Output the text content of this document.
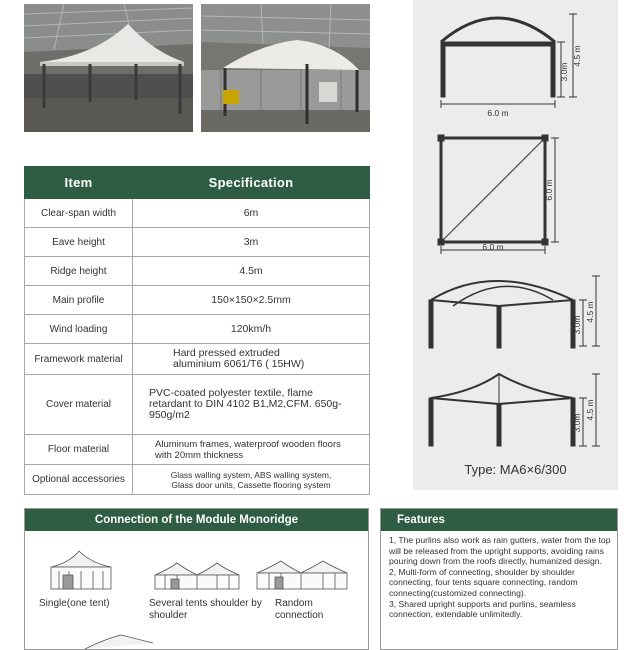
Item	Specification
Clear-span width	6m
Eave height	3m
Ridge height	4.5m
Main profile	150×150×2.5mm
Wind loading	120km/h
Framework material	Hard pressed extruded aluminium 6061/T6 ( 15HW)
Cover material	PVC-coated polyester textile, flame retardant to DIN 4102 B1,M2,CFM. 650g-950g/m2
Floor material	Aluminum frames, waterproof wooden floors with 20mm thickness
Optional accessories	Glass walling system, ABS walling system, Glass door units, Cassette flooring system
6.0 m
3.0m
4.5 m
6.0 m
6.0 m
3.0m
4.5 m
3.0m
4.5 m
Type: MA6×6/300
Connection of the Module Monoridge
Single(one tent)	Several tents shoulder by shoulder
Random connection
Features
1, The purlins also work as rain gutters, water from the top will be released from the upright supports, avoiding rains pouring down from the roofs directly, humanized design.
2, Multi-form of connecting, shoulder by shoulder connecting, four tents square connecting, random connecting(customized connecting).
3, Shared upright supports and purlins, seamless connection, extendable unlimitedly.
